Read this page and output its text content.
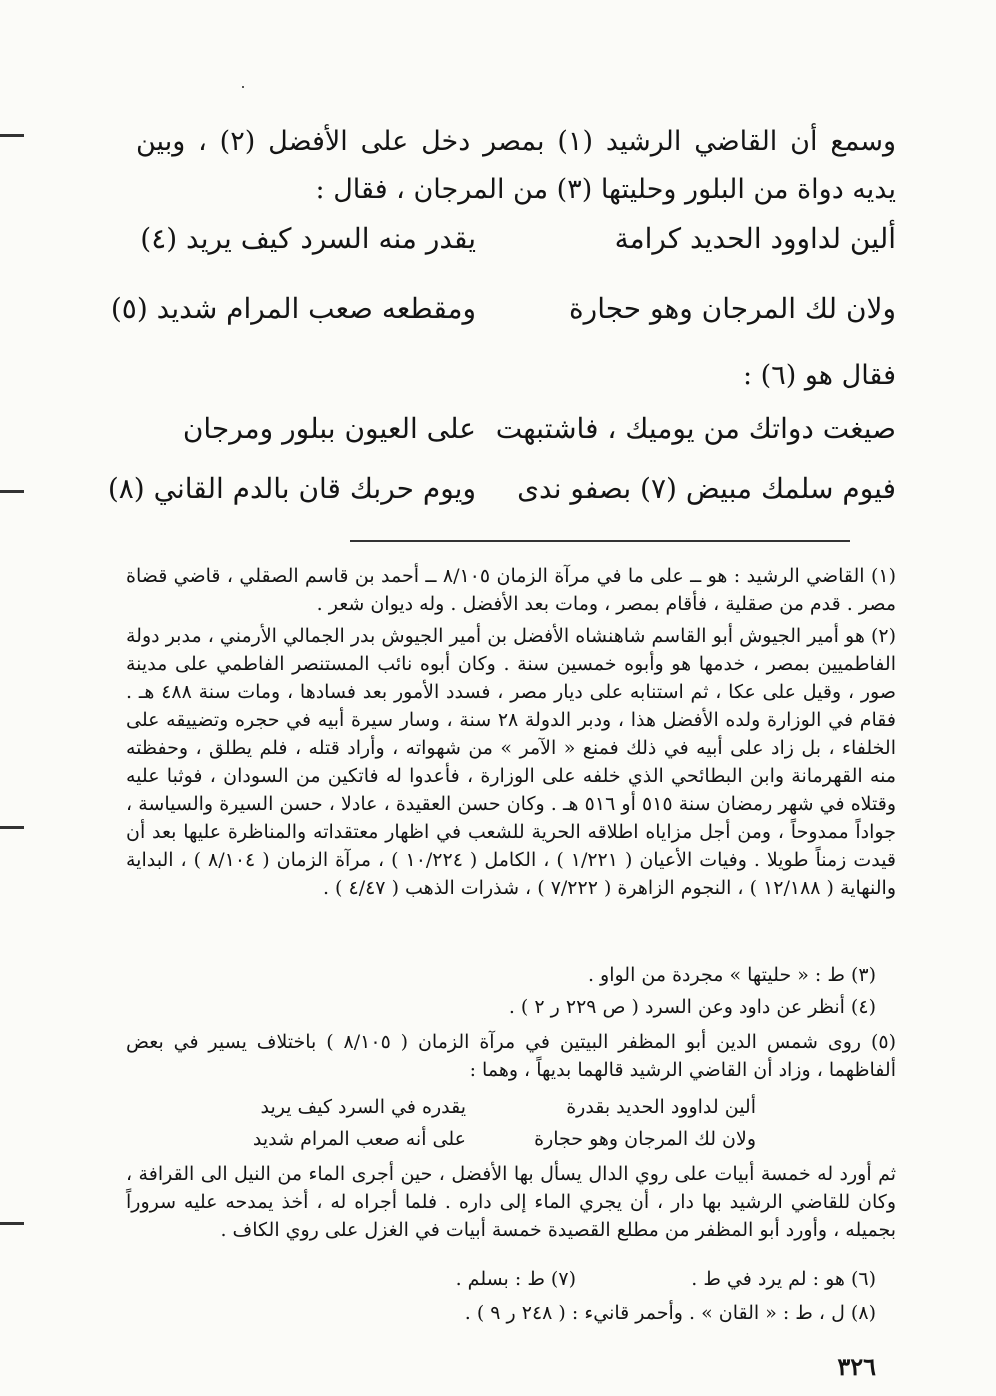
وسمع أن القاضي الرشيد (١) بمصر دخل على الأفضل (٢) ، وبين يديه دواة من البلور وحليتها (٣) من المرجان ، فقال :
ألين لداوود الحديد كرامة
يقدر منه السرد كيف يريد (٤)
ولان لك المرجان وهو حجارة
ومقطعه صعب المرام شديد (٥)
فقال هو (٦) :
صيغت دواتك من يوميك ، فاشتبهت
على العيون ببلور ومرجان
فيوم سلمك مبيض (٧) بصفو ندى
ويوم حربك قان بالدم القاني (٨)
(١) القاضي الرشيد : هو ــ على ما في مرآة الزمان ٨/١٠٥ ــ أحمد بن قاسم الصقلي ، قاضي قضاة مصر . قدم من صقلية ، فأقام بمصر ، ومات بعد الأفضل . وله ديوان شعر .
(٢) هو أمير الجيوش أبو القاسم شاهنشاه الأفضل بن أمير الجيوش بدر الجمالي الأرمني ، مدبر دولة الفاطميين بمصر ، خدمها هو وأبوه خمسين سنة . وكان أبوه نائب المستنصر الفاطمي على مدينة صور ، وقيل على عكا ، ثم استنابه على ديار مصر ، فسدد الأمور بعد فسادها ، ومات سنة ٤٨٨ هـ . فقام في الوزارة ولده الأفضل هذا ، ودبر الدولة ٢٨ سنة ، وسار سيرة أبيه في حجره وتضييقه على الخلفاء ، بل زاد على أبيه في ذلك فمنع « الآمر » من شهواته ، وأراد قتله ، فلم يطلق ، وحفظته منه القهرمانة وابن البطائحي الذي خلفه على الوزارة ، فأعدوا له فاتكين من السودان ، فوثبا عليه وقتلاه في شهر رمضان سنة ٥١٥ أو ٥١٦ هـ . وكان حسن العقيدة ، عادلا ، حسن السيرة والسياسة ، جواداً ممدوحاً ، ومن أجل مزاياه اطلاقه الحرية للشعب في اظهار معتقداته والمناظرة عليها بعد أن قيدت زمناً طويلا . وفيات الأعيان ( ١/٢٢١ ) ، الكامل ( ١٠/٢٢٤ ) ، مرآة الزمان ( ٨/١٠٤ ) ، البداية والنهاية ( ١٢/١٨٨ ) ، النجوم الزاهرة ( ٧/٢٢٢ ) ، شذرات الذهب ( ٤/٤٧ ) .
(٣) ط : « حليتها » مجردة من الواو .
(٤) أنظر عن داود وعن السرد ( ص ٢٢٩ ر ٢ ) .
(٥) روى شمس الدين أبو المظفر البيتين في مرآة الزمان ( ٨/١٠٥ ) باختلاف يسير في بعض ألفاظهما ، وزاد أن القاضي الرشيد قالهما بديهاً ، وهما :
ألين لداوود الحديد بقدرة
يقدره في السرد كيف يريد
ولان لك المرجان وهو حجارة
على أنه صعب المرام شديد
ثم أورد له خمسة أبيات على روي الدال يسأل بها الأفضل ، حين أجرى الماء من النيل الى القرافة ، وكان للقاضي الرشيد بها دار ، أن يجري الماء إلى داره . فلما أجراه له ، أخذ يمدحه عليه سروراً بجميله ، وأورد أبو المظفر من مطلع القصيدة خمسة أبيات في الغزل على روي الكاف .
(٦) هو : لم يرد في ط .
(٧) ط : بسلم .
(٨) ل ، ط : « القان » . وأحمر قانيء : ( ٢٤٨ ر ٩ ) .
٣٢٦
